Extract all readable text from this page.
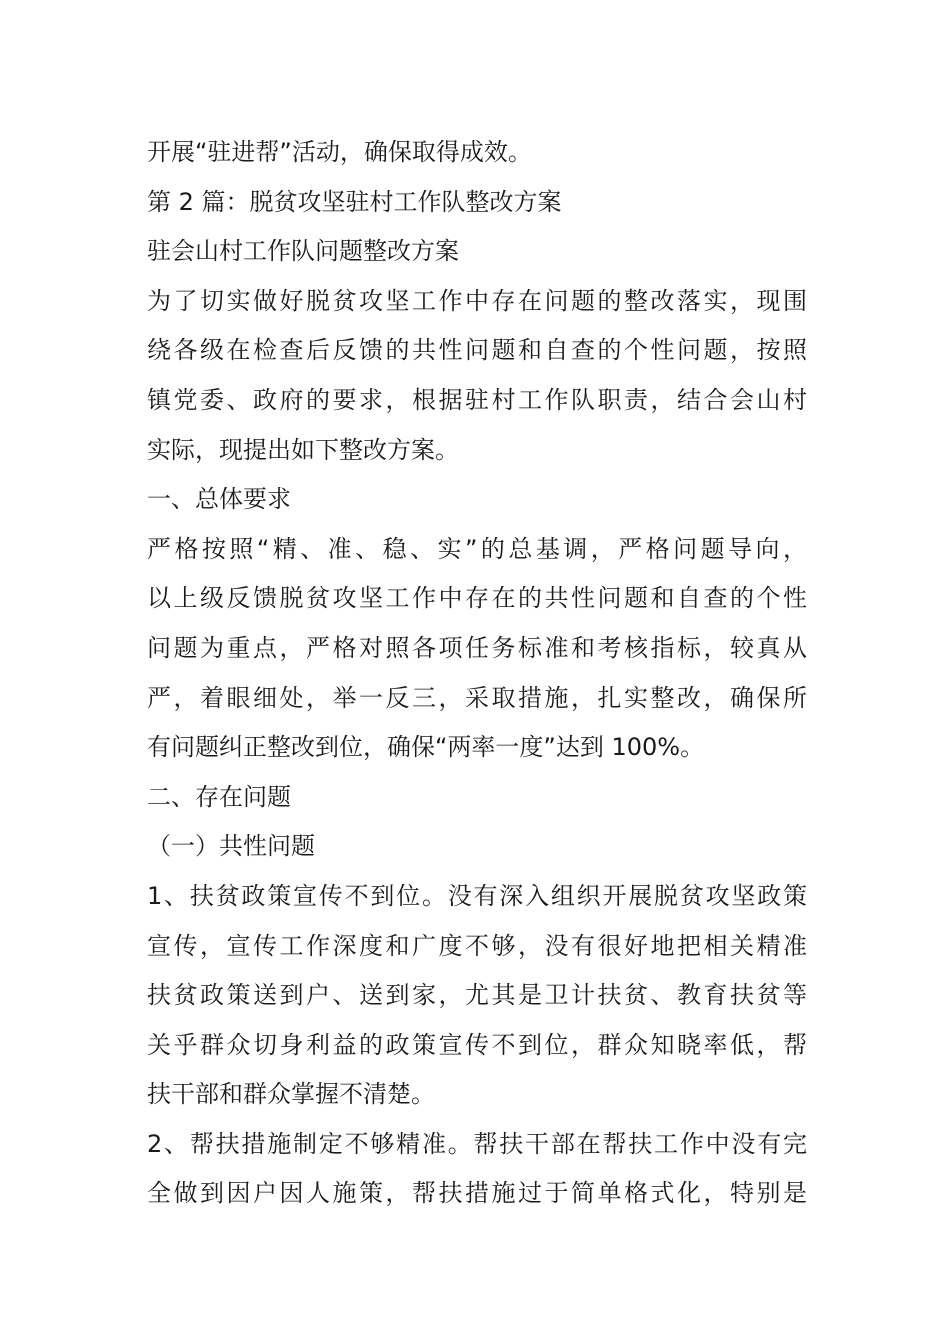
开展“驻进帮”活动，确保取得成效。
第 2 篇：脱贫攻坚驻村工作队整改方案
驻会山村工作队问题整改方案
为了切实做好脱贫攻坚工作中存在问题的整改落实，现围
绕各级在检查后反馈的共性问题和自查的个性问题，按照
镇党委、政府的要求，根据驻村工作队职责，结合会山村
实际，现提出如下整改方案。
一、总体要求
严格按照“精、准、稳、实”的总基调，严格问题导向，
以上级反馈脱贫攻坚工作中存在的共性问题和自查的个性
问题为重点，严格对照各项任务标准和考核指标，较真从
严，着眼细处，举一反三，采取措施，扎实整改，确保所
有问题纠正整改到位，确保“两率一度”达到 100%。
二、存在问题
（一）共性问题
1、扶贫政策宣传不到位。没有深入组织开展脱贫攻坚政策
宣传，宣传工作深度和广度不够，没有很好地把相关精准
扶贫政策送到户、送到家，尤其是卫计扶贫、教育扶贫等
关乎群众切身利益的政策宣传不到位，群众知晓率低，帮
扶干部和群众掌握不清楚。
2、帮扶措施制定不够精准。帮扶干部在帮扶工作中没有完
全做到因户因人施策，帮扶措施过于简单格式化，特别是
